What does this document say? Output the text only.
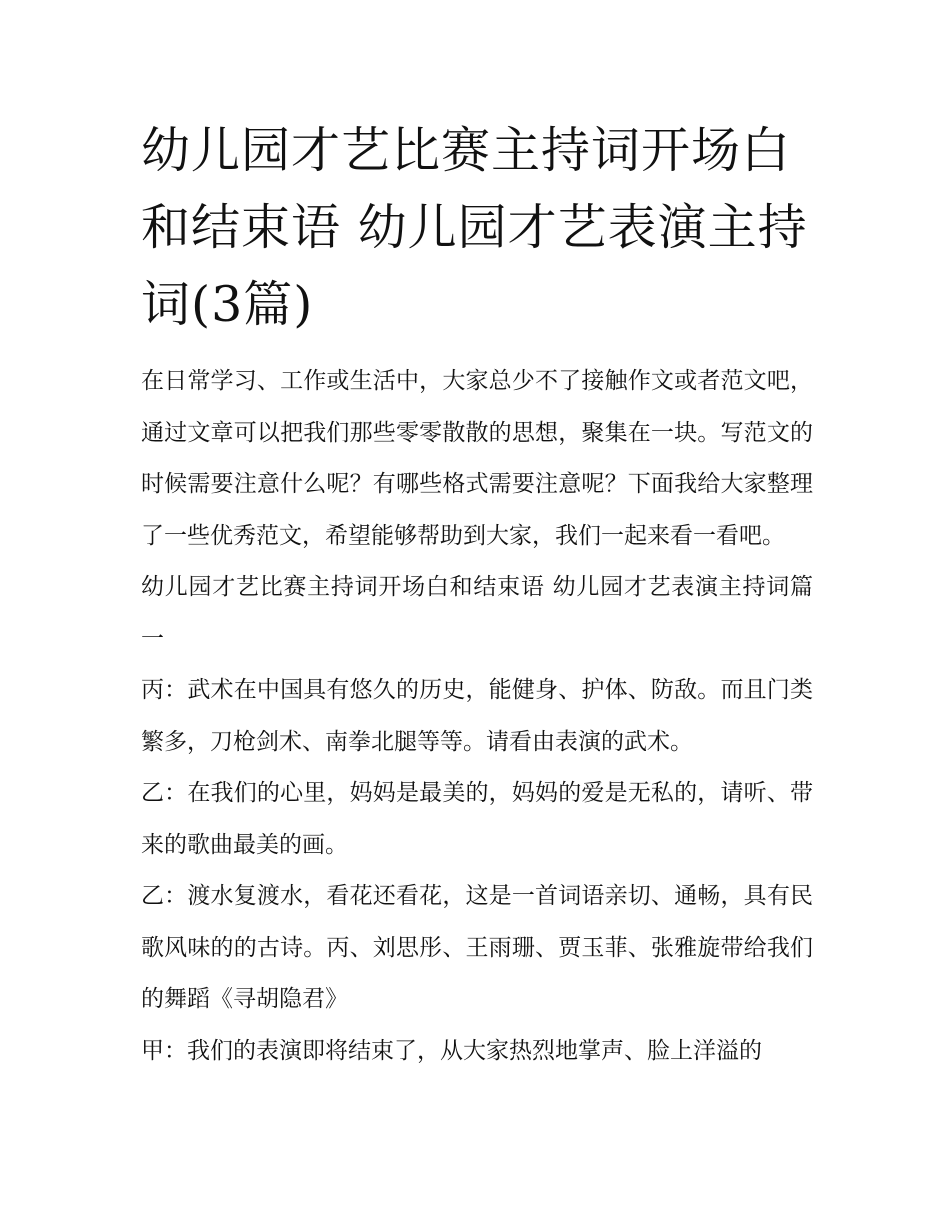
幼儿园才艺比赛主持词开场白和结束语 幼儿园才艺表演主持词(3篇)

在日常学习、工作或生活中，大家总少不了接触作文或者范文吧，通过文章可以把我们那些零零散散的思想，聚集在一块。写范文的时候需要注意什么呢？有哪些格式需要注意呢？下面我给大家整理了一些优秀范文，希望能够帮助到大家，我们一起来看一看吧。

幼儿园才艺比赛主持词开场白和结束语 幼儿园才艺表演主持词篇一

丙：武术在中国具有悠久的历史，能健身、护体、防敌。而且门类繁多，刀枪剑术、南拳北腿等等。请看由表演的武术。

乙：在我们的心里，妈妈是最美的，妈妈的爱是无私的，请听、带来的歌曲最美的画。

乙：渡水复渡水，看花还看花，这是一首词语亲切、通畅，具有民歌风味的的古诗。丙、刘思彤、王雨珊、贾玉菲、张雅旋带给我们的舞蹈《寻胡隐君》

甲：我们的表演即将结束了，从大家热烈地掌声、脸上洋溢的
